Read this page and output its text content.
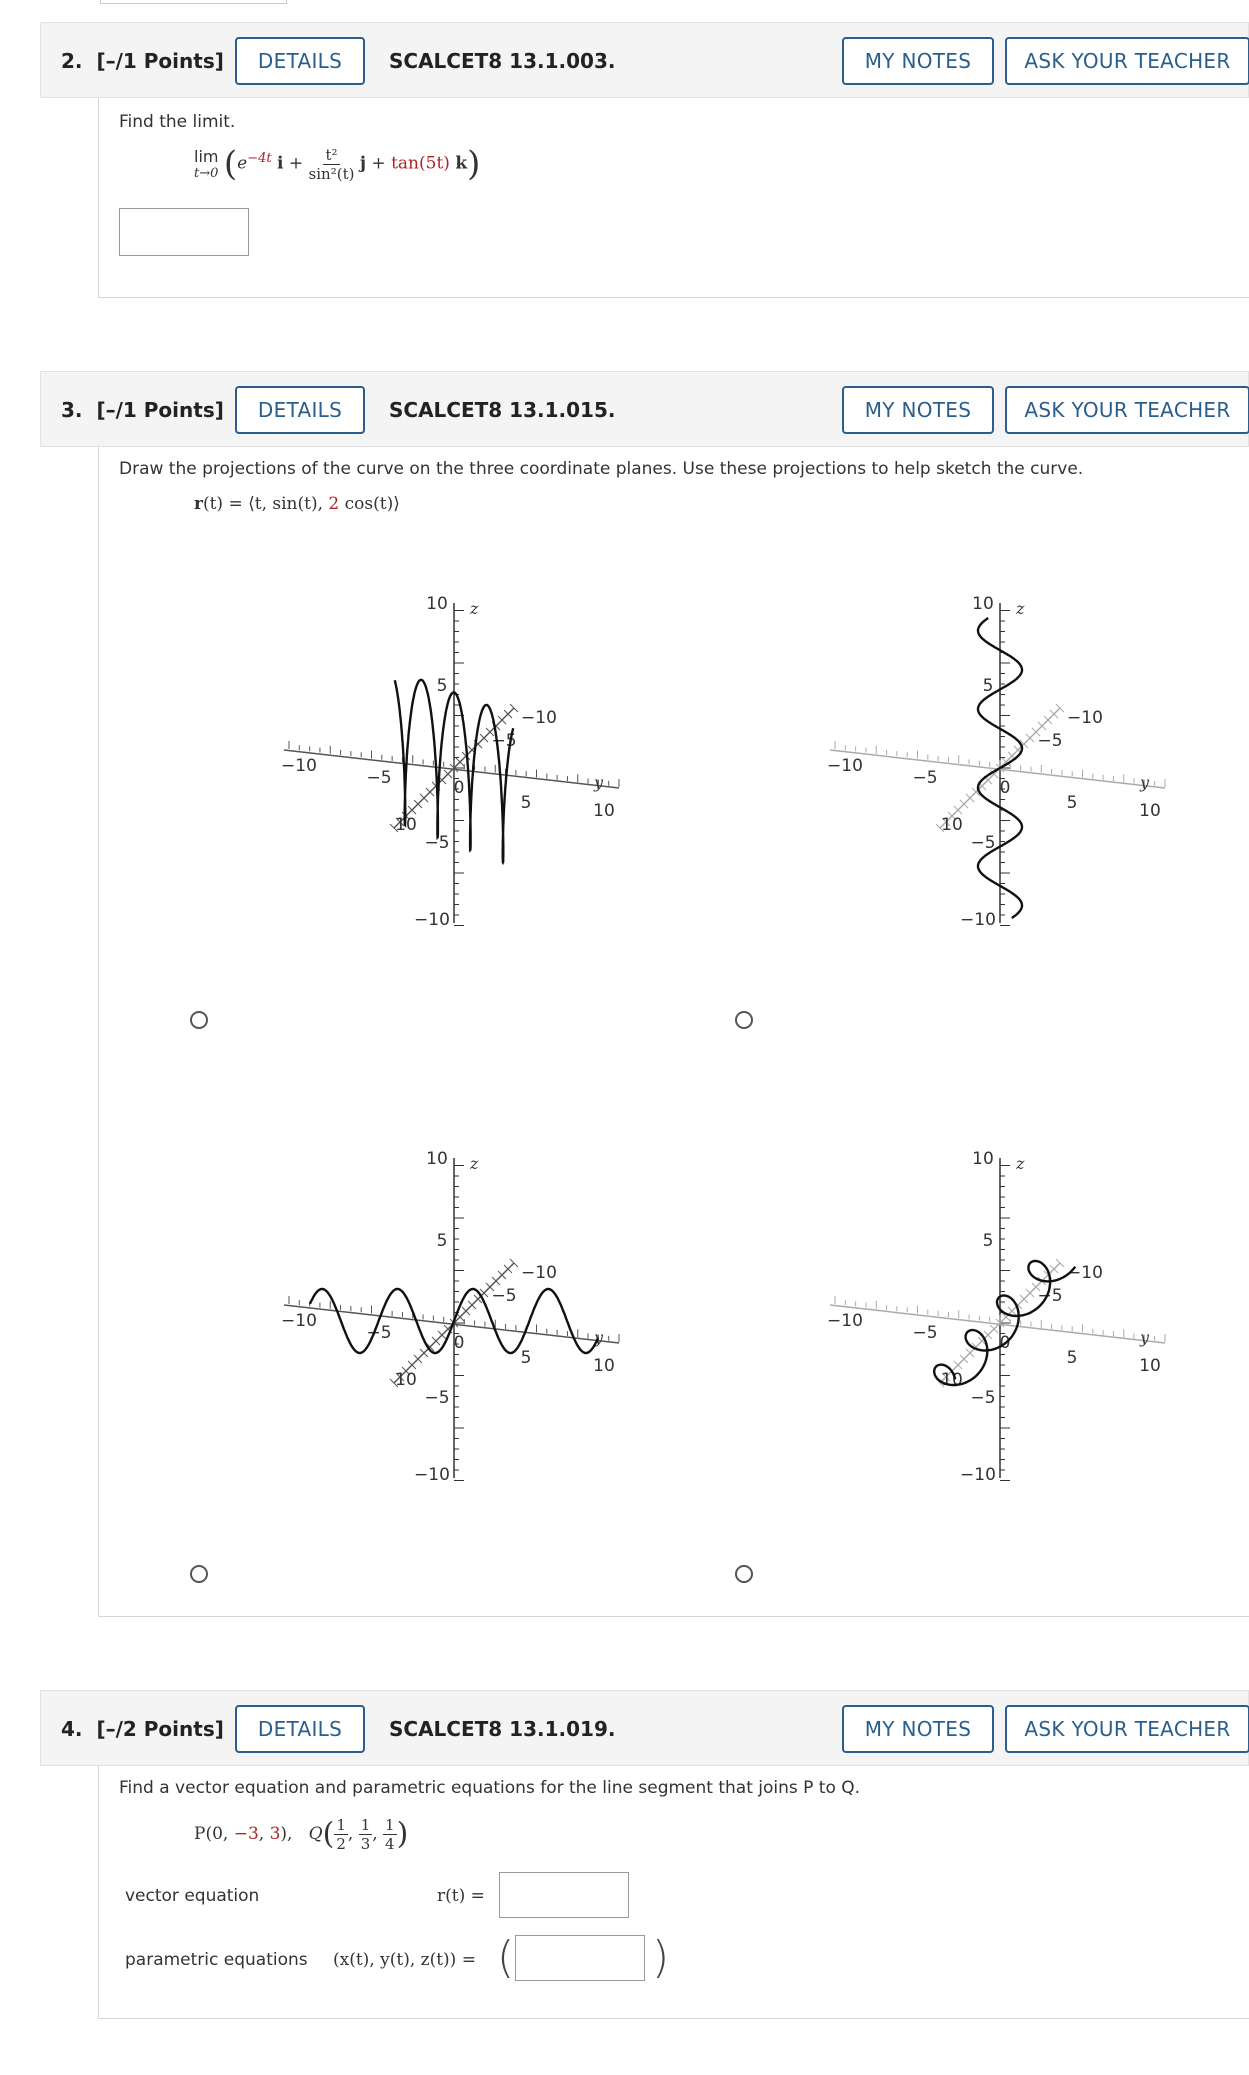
2. [–/1 Points]	DETAILS	SCALCET8 13.1.003.	MY NOTES	ASK YOUR TEACHER
Find the limit.
lim
t→0 ($e^{-4t}$ $i + \frac{\text{t²}}{\text{sin²(t)}}$ j + tan(5t) k)
3. [–/1 Points]	DETAILS	SCALCET8 13.1.015.	MY NOTES	ASK YOUR TEACHER
Draw the projections of the curve on the three coordinate planes. Use these projections to help sketch the curve.
r(t) = ⟨t, sin(t), 2 cos(t)⟩
10
5
−5
−10
−10
−5
5	10
−10
−5
10
0
z
y
10
5
−5
−10
−10
−5
5	10
−10
−5
10
0
z
y
10
5
−5
−10
−10
−5
5	10
−10
−5
10
0
z
y
10
5
−5
−10
−10
−5
5	10
−10
−5
10
0
z
y
4. [–/2 Points]	DETAILS	SCALCET8 13.1.019.	MY NOTES	ASK YOUR TEACHER
Find a vector equation and parametric equations for the line segment that joins P to Q.
P(0, −3, 3), $Q( \frac{1}{2}$ , $\frac{1}{3}$ , $\frac{1}{4}$ )
vector equation	r(t) =
parametric equations (x(t), y(t), z(t)) = (	)
